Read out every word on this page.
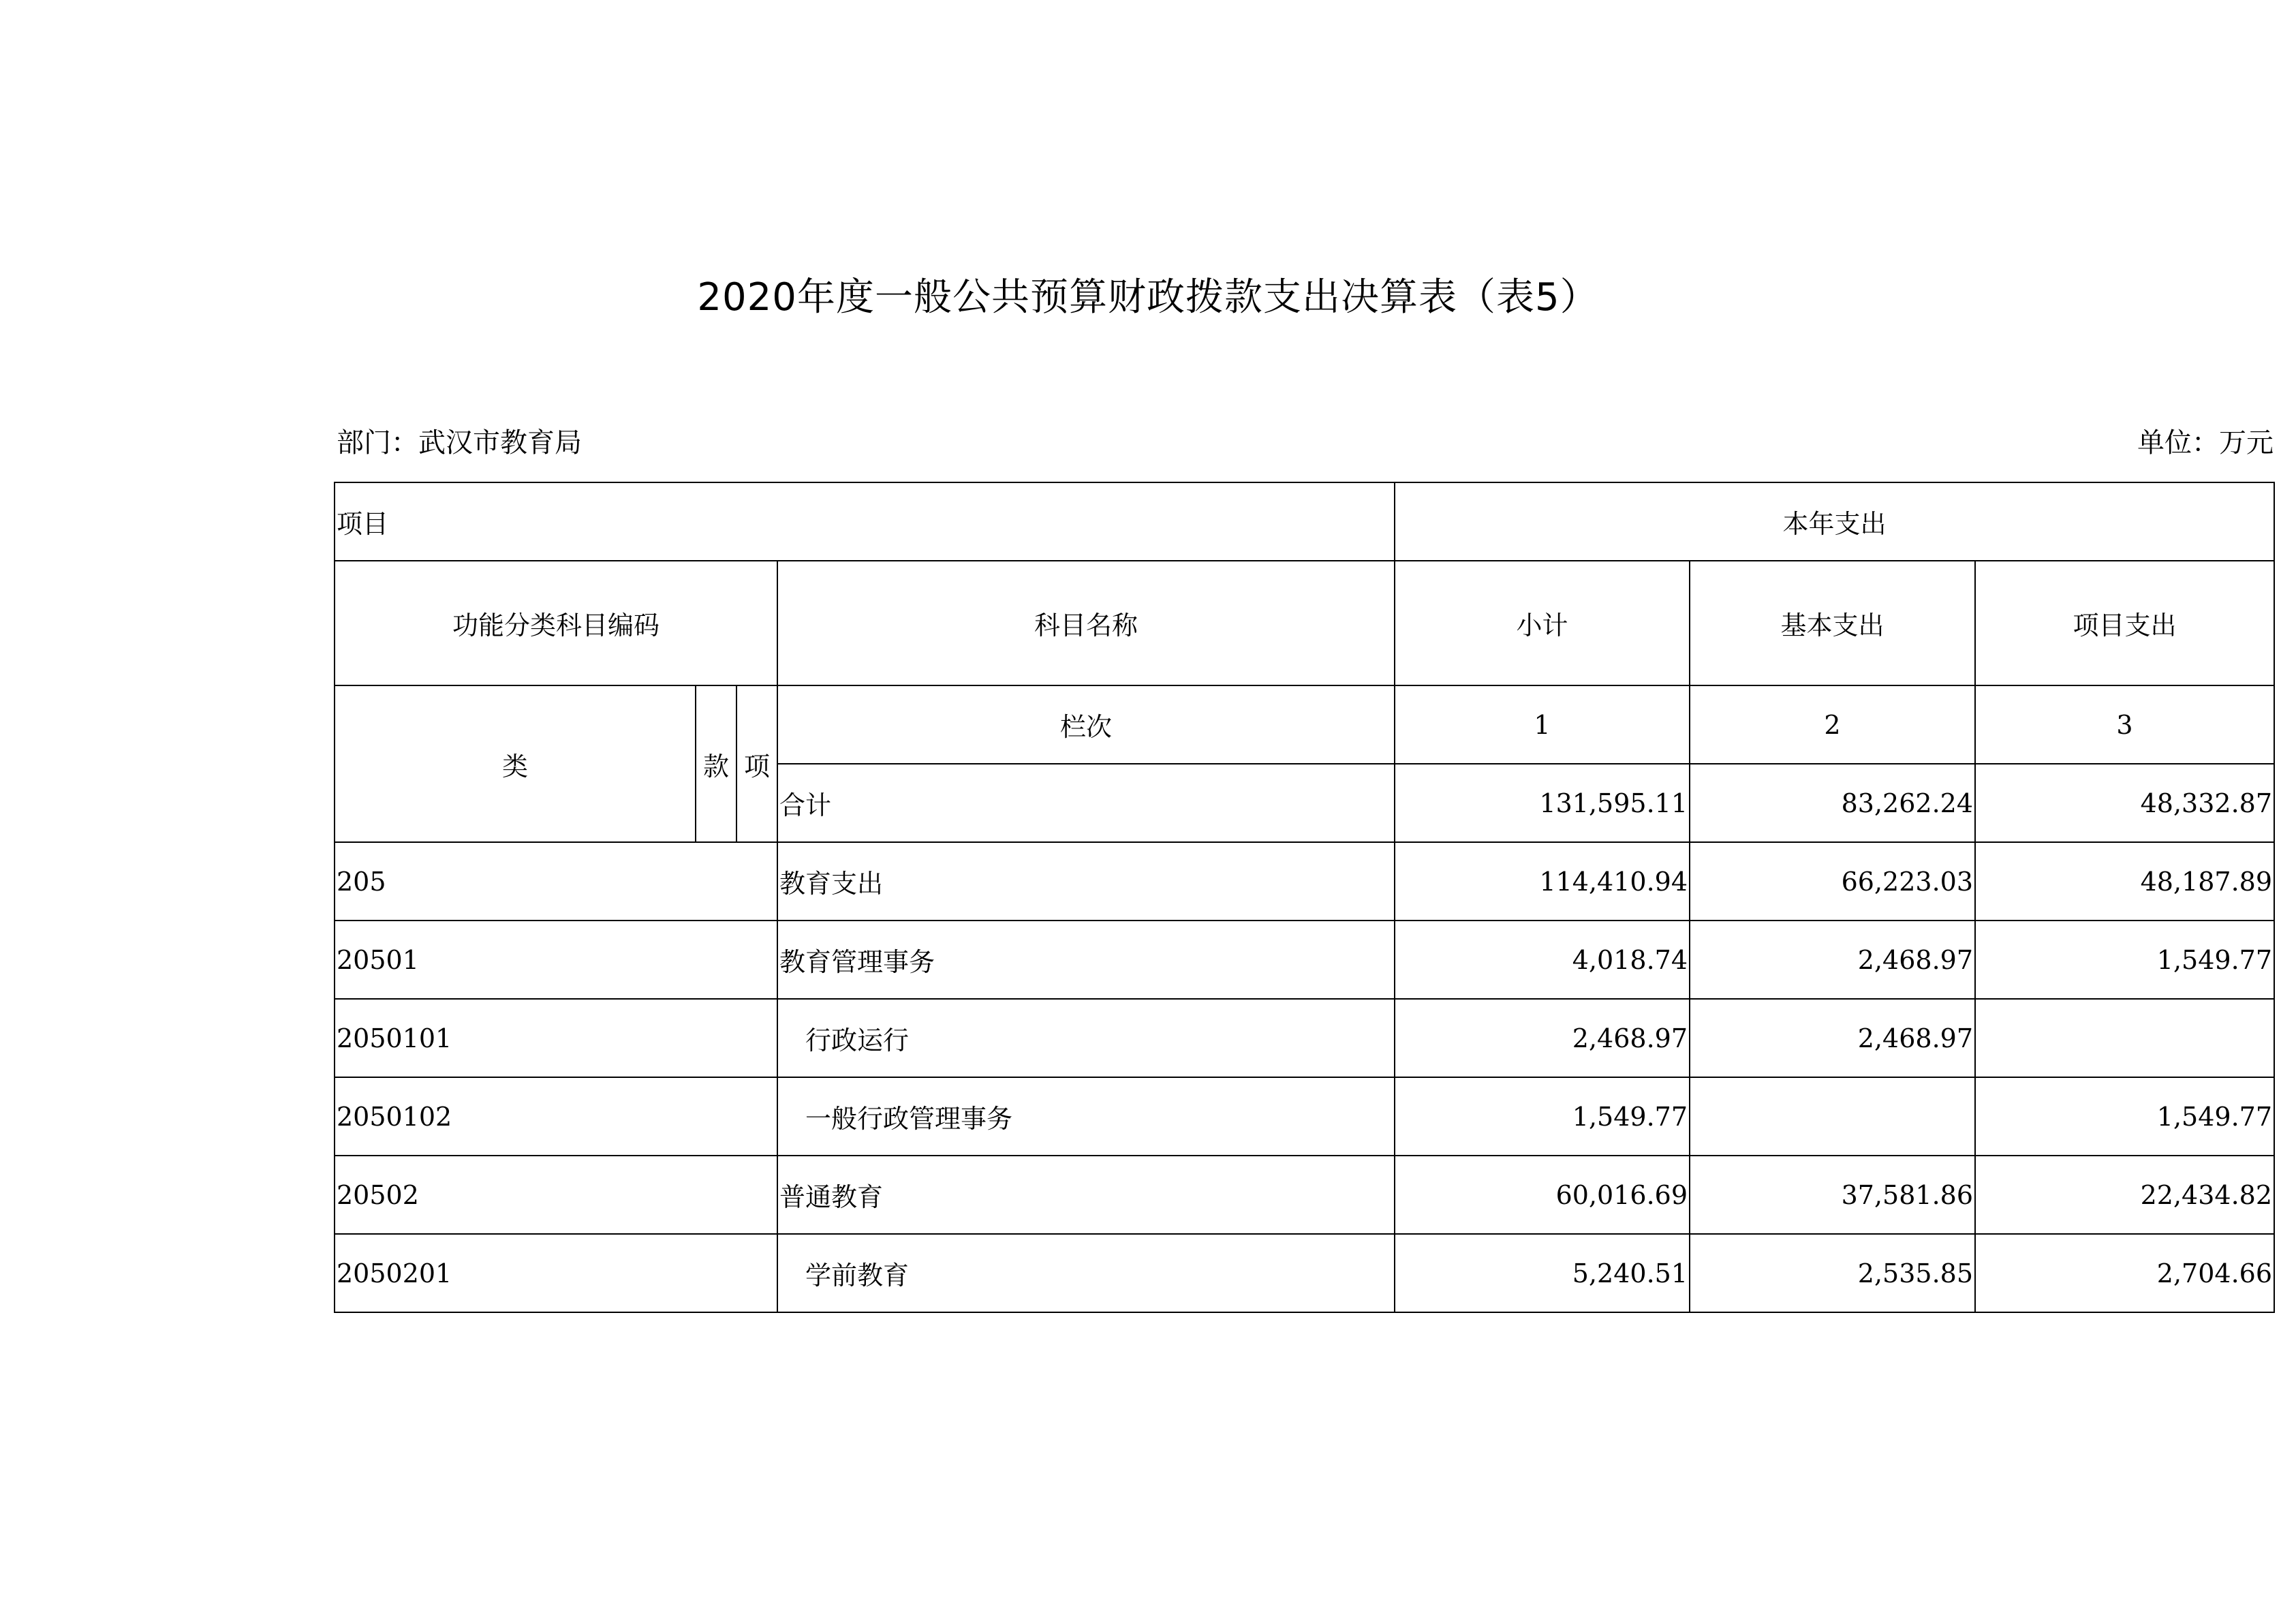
2020年度一般公共预算财政拨款支出决算表（表5）
部门：武汉市教育局	单位：万元
项目				本年支出		
功能分类科目编码			科目名称	小计	基本支出	项目支出
类	款	项	栏次	1	2	3
			合计	131,595.11	83,262.24	48,332.87
205			教育支出	114,410.94	66,223.03	48,187.89
20501			教育管理事务	4,018.74	2,468.97	1,549.77
2050101			行政运行	2,468.97	2,468.97	
2050102			一般行政管理事务	1,549.77		1,549.77
20502			普通教育	60,016.69	37,581.86	22,434.82
2050201			学前教育	5,240.51	2,535.85	2,704.66
